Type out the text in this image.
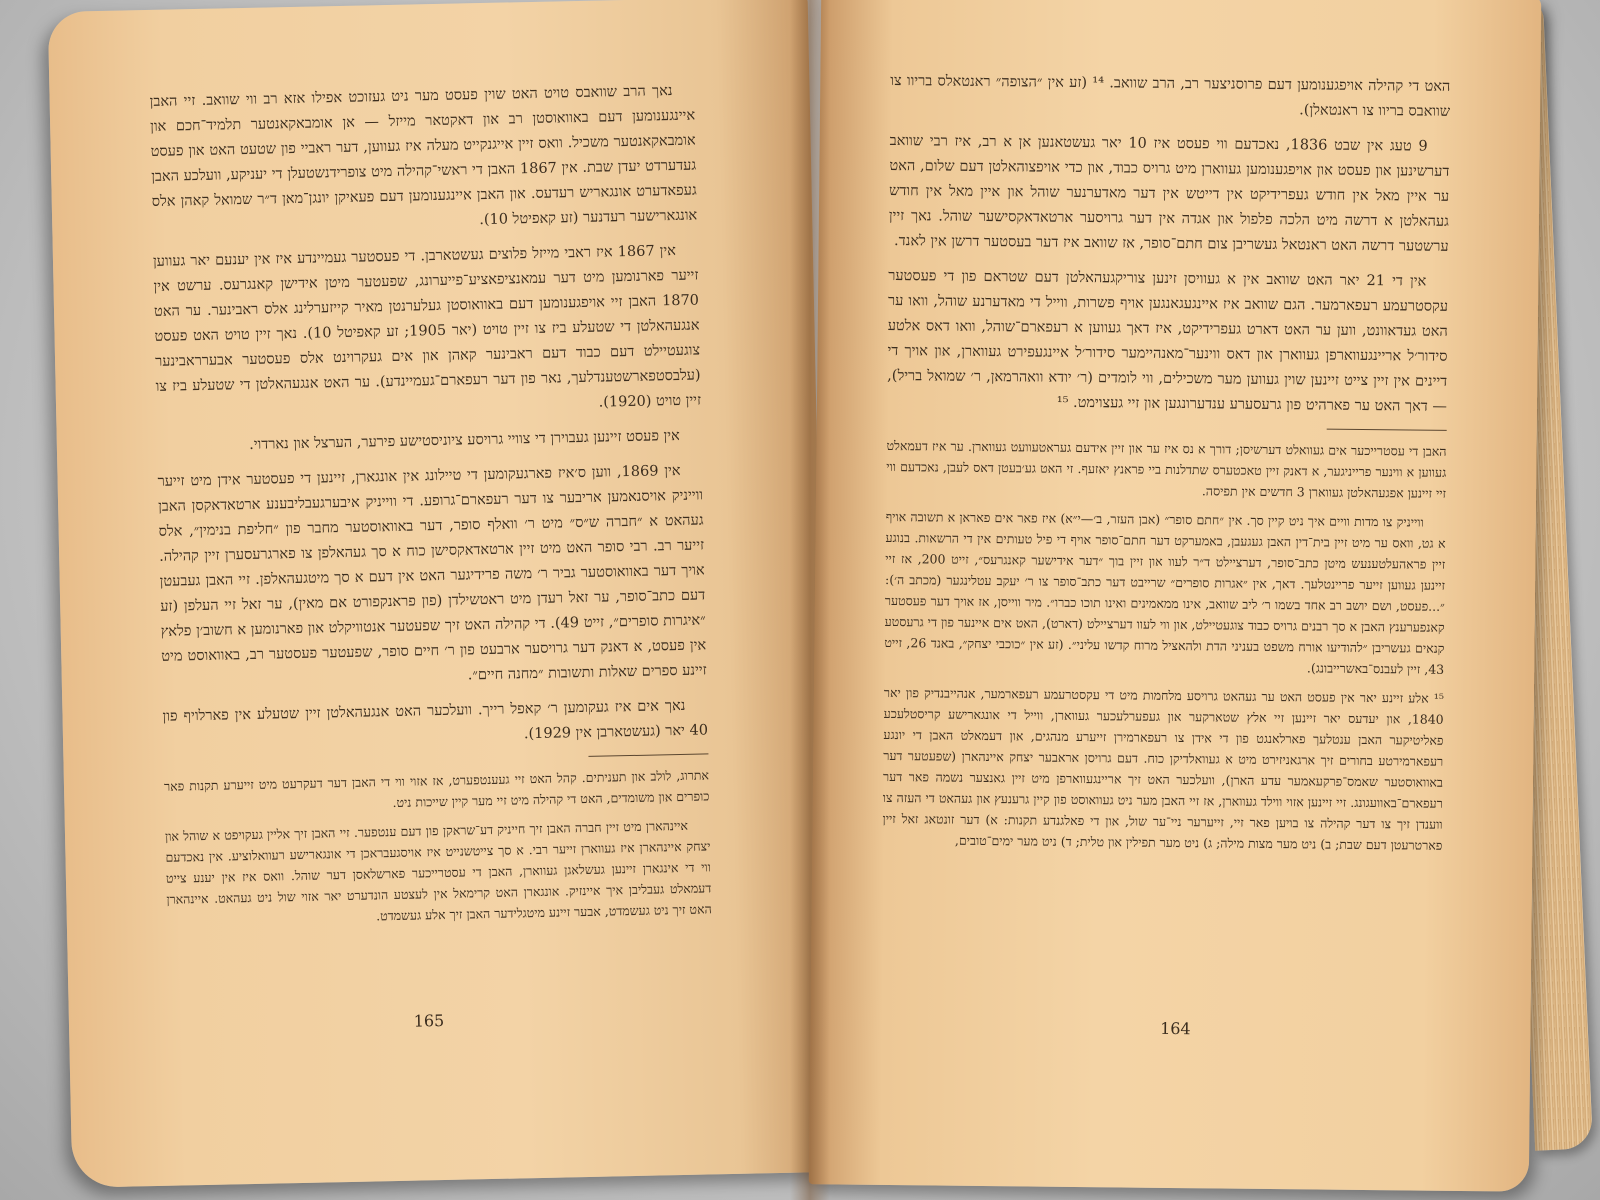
נאך הרב שוואבס טויט האט שוין פעסט מער ניט געזוכט אפילו אזא רב ווי שוואב. זיי האבן איינגענומען דעם באוואוסטן רב און דאקטאר מייזל — אן אומבאקאנטער תלמיד־חכם און אומבאקאנטער משכיל. וואס זיין אייגנקייט מעלה איז געווען, דער ראביי פון שטעט האט און פעסט געדערדט יעדן שבת. אין 1867 האבן די ראשי־קהילה מיט צופרידנשטעלן די יעניקע, וועלכע האבן געפאדערט אונגאריש רעדעס. און האבן איינגענומען דעם פעאיקן יונגן־מאן ד״ר שמואל קאהן אלס אונגארישער רעדנער (זע קאפיטל 10).

אין 1867 איז ראבי מייזל פלוצים געשטארבן. די פעסטער געמיינדע איז אין יענעם יאר געווען זייער פארנומען מיט דער עמאנציפאציע־פייערונג, שפעטער מיטן אידישן קאנגרעס. ערשט אין 1870 האבן זיי אויפגענומען דעם באוואוסטן געלערנטן מאיר קייזערלינג אלס ראבינער. ער האט אנגעהאלטן די שטעלע ביז צו זיין טויט (יאר 1905; זע קאפיטל 10). נאך זיין טויט האט פעסט צוגעטיילט דעם כבוד דעם ראבינער קאהן און אים געקרוינט אלס פעסטער אבערראבינער (עלבסטפארשטענדלעך, נאר פון דער רעפארם־געמיינדע). ער האט אנגעהאלטן די שטעלע ביז צו זיין טויט (1920).

אין פעסט זיינען געבוירן די צוויי גרויסע ציוניסטישע פירער, הערצל און נארדוי.

אין 1869, ווען ס׳איז פארגעקומען די טיילונג אין אונגארן, זיינען די פעסטער אידן מיט זייער ווייניק אויסנאמען אריבער צו דער רעפארם־גרופע. די ווייניק איבערגעבליבענע ארטאדאקסן האבן געהאט א ״חברה ש״ס״ מיט ר׳ וואלף סופר, דער באוואוסטער מחבר פון ״חליפת בנימין״, אלס זייער רב. רבי סופר האט מיט זיין ארטאדאקסישן כוח א סך געהאלפן צו פארגרעסערן זיין קהילה. אויך דער באוואוסטער גביר ר׳ משה פרידיגער האט אין דעם א סך מיטגעהאלפן. זיי האבן געבעטן דעם כתב־סופר, ער זאל רעדן מיט ראטשילדן (פון פראנקפורט אם מאין), ער זאל זיי העלפן (זע ״איגרות סופרים״, זייט 49). די קהילה האט זיך שפעטער אנטוויקלט און פארנומען א חשוב׳ן פלאץ אין פעסט, א דאנק דער גרויסער ארבעט פון ר׳ חיים סופר, שפעטער פעסטער רב, באוואוסט מיט זיינע ספרים שאלות ותשובות ״מחנה חיים״.

נאך אים איז געקומען ר׳ קאפל רייך. וועלכער האט אנגעהאלטן זיין שטעלע אין פארלויף פון 40 יאר (געשטארבן אין 1929).

אתרוג, לולב און תעניתים. קהל האט זיי געענטפערט, אז אזוי ווי די האבן דער דעקרעט מיט זייערע תקנות פאר כופרים און משומדים, האט די קהילה מיט זיי מער קיין שייכות ניט.

איינהארן מיט זיין חברה האבן זיך חייניק דע־שראקן פון דעם ענטפער. זיי האבן זיך אליין געקויפט א שוהל און יצחק איינהארן איז געווארן זייער רבי. א סך צייטשנייט איז אויסגעבראכן די אונגארישע רעוואלוציע. אין נאכדעם ווי די אינגארן זיינען געשלאגן געווארן, האבן די עסטרייכער פארשלאסן דער שוהל. וואס איז אין יענע צייט דעמאלט געבליבן איך איינזיק. אונגארן האט קרימאל אין לעצטע הונדערט יאר אזוי שול ניט געהאט. איינהארן האט זיך ניט געשמדט, אבער זיינע מיטגלידער האבן זיך אלע געשמדט.

165

האט די קהילה אויפגענומען דעם פרוסניצער רב, הרב שוואב. ¹⁴ (זע אין ״הצופה״ ראנטאלס בריוו צו שוואבס בריוו צו ראנטאלן).

9 טעג אין שבט 1836, נאכדעם ווי פעסט איז 10 יאר געשטאנען אן א רב, איז רבי שוואב דערשינען און פעסט און אויפגענומען געווארן מיט גרויס כבוד, און כדי אויפצוהאלטן דעם שלום, האט ער איין מאל אין חודש געפרידיקט אין דייטש אין דער מאדערנער שוהל און איין מאל אין חודש געהאלטן א דרשה מיט הלכה פלפול און אגדה אין דער גרויסער ארטאדאקסישער שוהל. נאך זיין ערשטער דרשה האט ראנטאל געשריבן צום חתם־סופר, אז שוואב איז דער בעסטער דרשן אין לאנד.

אין די 21 יאר האט שוואב אין א געוויסן זינען צוריקגעהאלטן דעם שטראם פון די פעסטער עקסטרעמע רעפארמער. הגם שוואב איז איינגעגאנגען אויף פשרות, ווייל די מאדערנע שוהל, וואו ער האט געדאוונט, ווען ער האט דארט געפרידיקט, איז דאך געווען א רעפארם־שוהל, וואו דאס אלטע סידור׳ל אריינגעווארפן געווארן און דאס ווינער־מאנהיימער סידור׳ל איינגעפירט געווארן, און אויך די דיינים אין זיין צייט זיינען שוין געווען מער משכילים, ווי לומדים (ר׳ יודא וואהרמאן, ר׳ שמואל בריל), — דאך האט ער פארהיט פון גרעסערע ענדערונגען און זיי געצוימט. ¹⁵

האבן די עסטרייכער אים געוואלט דערשיסן; דורך א נס איז ער און זיין אידעם געראטעוועט געווארן. ער איז דעמאלט געווען א ווינער פרייניגער, א דאנק זיין טאכטערס שתדלנות ביי פראנץ יאזעף. זי האט גע׳בעטן דאס לעבן, נאכדעם ווי זיי זיינען אפגעהאלטן געווארן 3 חדשים אין תפיסה.

ווייניק צו מדות וויים איך ניט קיין סך. אין ״חתם סופר״ (אבן העזר, ב׳—י״א) איז פאר אים פאראן א תשובה אויף א גט, וואס ער מיט זיין בית־דין האבן געגעבן, באמערקט דער חתם־סופר אויף די פיל טעותים אין די הרשאות. בנוגע זיין פראהעלטענעש מיטן כתב־סופר, דערציילט ד״ר לעוו און זיין בוך ״דער אידישער קאנגרעס״, זייט 200, אז זיי זיינען געווען זייער פריינטלעך. דאך, אין ״אגרות סופרים״ שרייבט דער כתב־סופר צו ר׳ יעקב עטלינגער (מכתב ה׳): ״...פעסט, ושם יושב רב אחד בשמו ר׳ ליב שוואב, אינו ממאמינים ואינו תוכו כברו״. מיר ווייסן, אז אויך דער פעסטער קאנפערענץ האבן א סך רבנים גרויס כבוד צוגעטיילט, און ווי לעוו דערציילט (דארט), האט אים איינער פון די גרעסטע קנאים געשריבן ״להודיעו אורח משפט בעניני הדת ולהאציל מרוח קדשו עליני״. (זע אין ״כוכבי יצחק״, באנד 26, זייט 43, זיין לעבנס־באשרייבונג).

¹⁵ אלע זיינע יאר אין פעסט האט ער געהאט גרויסע מלחמות מיט די עקסטרעמע רעפארמער, אנהייבנדיק פון יאר 1840, און יעדעס יאר זיינען זיי אלץ שטארקער און געפערלעכער געווארן, ווייל די אונגארישע קריסטלעכע פאליטיקער האבן ענטלעך פארלאנגט פון די אידן צו רעפארמירן זייערע מנהגים, און דעמאלט האבן די יונגע רעפארמירטע בחורים זיך ארגאניזירט מיט א געוואלדיקן כוח. דעם גרויסן אראבער יצחק איינהארן (שפעטער דער באוואוסטער שאמס־פרקעאמער עדע הארן), וועלכער האט זיך אריינגעווארפן מיט זיין גאנצער נשמה פאר דער רעפארם־באוועגונג. זיי זיינען אזוי ווילד געווארן, אז זיי האבן מער ניט געוואוסט פון קיין גרענעץ און געהאט די העזה צו ווענדן זיך צו דער קהילה צו בויען פאר זיי, זייערער ניי־ער שול, און די פאלגנדע תקנות: א) דער זונטאג זאל זיין פארטרעטן דעם שבת; ב) ניט מער מצות מילה; ג) ניט מער תפילין און טלית; ד) ניט מער ימים־טובים,

164
